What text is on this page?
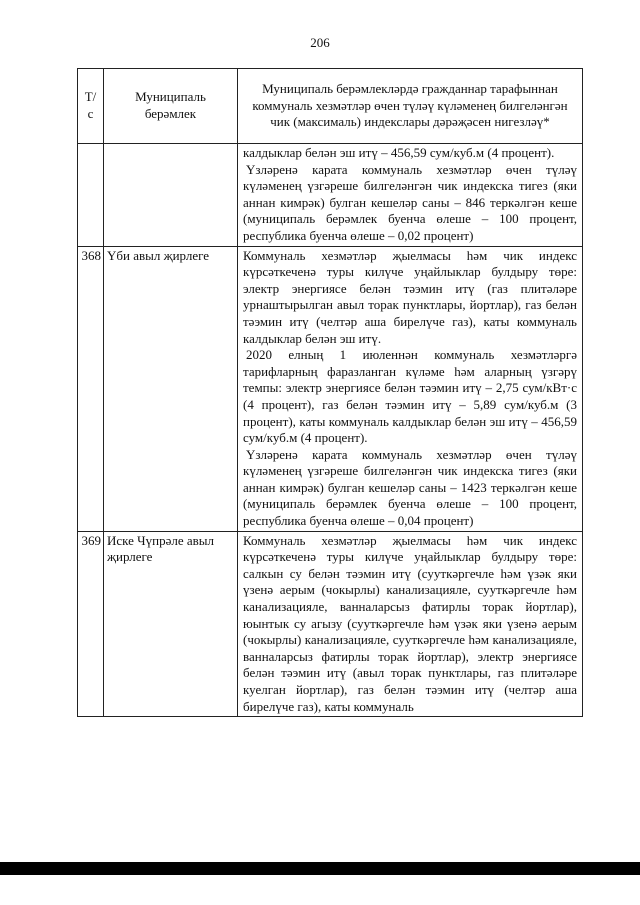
206
Т/с	Муниципаль берәмлек	Муниципаль берәмлекләрдә гражданнар тарафыннан коммуналь хезмәтләр өчен түләү күләменең билгеләнгән чик (максималь) индекслары дәрәҗәсен нигезләү*

		калдыклар белән эш итү – 456,59 сум/куб.м (4 процент).

Үзләренә карата коммуналь хезмәтләр өчен түләү күләменең үзгәреше билгеләнгән чик индекска тигез (яки аннан кимрәк) булган кешеләр саны – 846 теркәлгән кеше (муниципаль берәмлек буенча өлеше – 100 процент, республика буенча өлеше – 0,02 процент)

368	Үби авыл җирлеге	Коммуналь хезмәтләр җыелмасы һәм чик индекс күрсәткеченә туры килүче уңайлыклар булдыру төре: электр энергиясе белән тәэмин итү (газ плитәләре урнаштырылган авыл торак пунктлары, йортлар), газ белән тәэмин итү (челтәр аша бирелүче газ), каты коммуналь калдыклар белән эш итү.

2020 елның 1 июленнән коммуналь хезмәтләргә тарифларның фаразланган күләме һәм аларның үзгәрү темпы: электр энергиясе белән тәэмин итү – 2,75 сум/кВт·с (4 процент), газ белән тәэмин итү – 5,89 сум/куб.м (3 процент), каты коммуналь калдыклар белән эш итү – 456,59 сум/куб.м (4 процент).

Үзләренә карата коммуналь хезмәтләр өчен түләү күләменең үзгәреше билгеләнгән чик индекска тигез (яки аннан кимрәк) булган кешеләр саны – 1423 теркәлгән кеше (муниципаль берәмлек буенча өлеше – 100 процент, республика буенча өлеше – 0,04 процент)

369	Иске Чүпрәле авыл җирлеге	Коммуналь хезмәтләр җыелмасы һәм чик индекс күрсәткеченә туры килүче уңайлыклар булдыру төре: салкын су белән тәэмин итү (сууткәргечле һәм үзәк яки үзенә аерым (чокырлы) канализацияле, сууткәргечле һәм канализацияле, ванналарсыз фатирлы торак йортлар), юынтык су агызу (сууткәргечле һәм үзәк яки үзенә аерым (чокырлы) канализацияле, сууткәргечле һәм канализацияле, ванналарсыз фатирлы торак йортлар), электр энергиясе белән тәэмин итү (авыл торак пунктлары, газ плитәләре куелган йортлар), газ белән тәэмин итү (челтәр аша бирелүче газ), каты коммуналь
